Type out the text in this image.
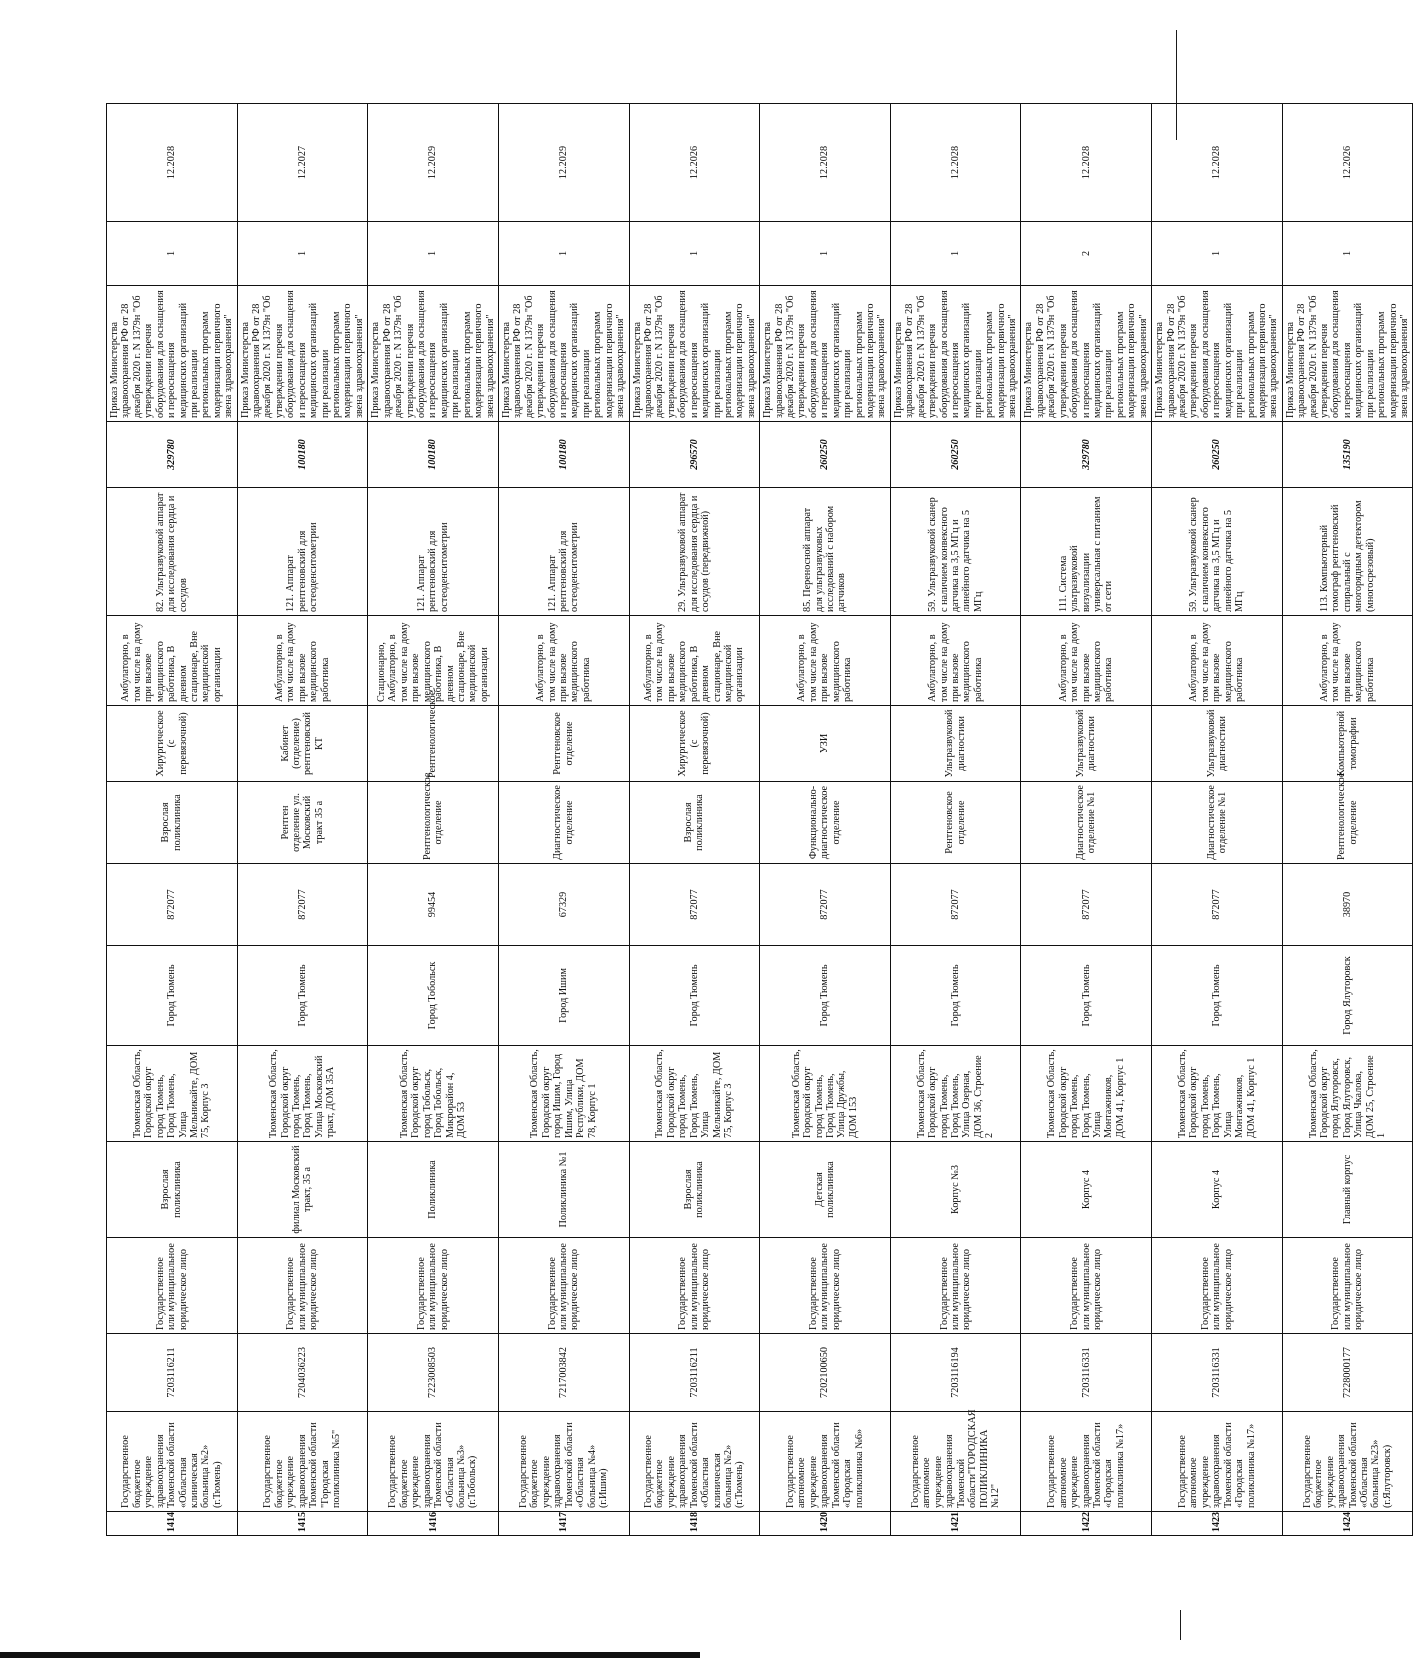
1414	Государственное бюджетное учреждение здравоохранения Тюменской области «Областная клиническая больница №2» (г.Тюмень)	7203116211	Государственное или муниципальное юридическое лицо	Взрослая поликлиника	Тюменская Область, Городской округ город Тюмень, Город Тюмень, Улица Мельникайте, ДОМ 75, Корпус 3	Город Тюмень	872077	Взрослая поликлиника	Хирургическое (с перевязочной)	Амбулаторно, в том числе на дому при вызове медицинского работника, В дневном стационаре, Вне медицинской организации	82. Ультразвуковой аппарат для исследования сердца и сосудов	329780	Приказ Министерства здравоохранения РФ от 28 декабря 2020 г. N 1379н "Об утверждении перечня оборудования для оснащения и переоснащения медицинских организаций при реализации региональных программ модернизации первичного звена здравоохранения"	1	12.2028
1415	Государственное бюджетное учреждение здравоохранения Тюменской области "Городская поликлиника №5"	7204036223	Государственное или муниципальное юридическое лицо	филиал Московский тракт, 35 а	Тюменская Область, Городской округ город Тюмень, Город Тюмень, Улица Московский тракт, ДОМ 35А	Город Тюмень	872077	Рентген отделение ул. Московский тракт 35 а	Кабинет (отделение) рентгеновской КТ	Амбулаторно, в том числе на дому при вызове медицинского работника	121. Аппарат рентгеновский для остеоденситометрии	100180	Приказ Министерства здравоохранения РФ от 28 декабря 2020 г. N 1379н "Об утверждении перечня оборудования для оснащения и переоснащения медицинских организаций при реализации региональных программ модернизации первичного звена здравоохранения"	1	12.2027
1416	Государственное бюджетное учреждение здравоохранения Тюменской области «Областная больница №3» (г.Тобольск)	7223008503	Государственное или муниципальное юридическое лицо	Поликлиника	Тюменская Область, Городской округ город Тобольск, Город Тобольск, Микрорайон 4, ДОМ 53	Город Тобольск	99454	Рентгенологическое отделение	Рентгенологическое	Стационарно, Амбулаторно, в том числе на дому при вызове медицинского работника, В дневном стационаре, Вне медицинской организации	121. Аппарат рентгеновский для остеоденситометрии	100180	Приказ Министерства здравоохранения РФ от 28 декабря 2020 г. N 1379н "Об утверждении перечня оборудования для оснащения и переоснащения медицинских организаций при реализации региональных программ модернизации первичного звена здравоохранения"	1	12.2029
1417	Государственное бюджетное учреждение здравоохранения Тюменской области «Областная больница №4» (г.Ишим)	7217003842	Государственное или муниципальное юридическое лицо	Поликлиника №1	Тюменская Область, Городской округ город Ишим, Город Ишим, Улица Республики, ДОМ 78, Корпус 1	Город Ишим	67329	Диагностическое отделение	Рентгеновское отделение	Амбулаторно, в том числе на дому при вызове медицинского работника	121. Аппарат рентгеновский для остеоденситометрии	100180	Приказ Министерства здравоохранения РФ от 28 декабря 2020 г. N 1379н "Об утверждении перечня оборудования для оснащения и переоснащения медицинских организаций при реализации региональных программ модернизации первичного звена здравоохранения"	1	12.2029
1418	Государственное бюджетное учреждение здравоохранения Тюменской области «Областная клиническая больница №2» (г.Тюмень)	7203116211	Государственное или муниципальное юридическое лицо	Взрослая поликлиника	Тюменская Область, Городской округ город Тюмень, Город Тюмень, Улица Мельникайте, ДОМ 75, Корпус 3	Город Тюмень	872077	Взрослая поликлиника	Хирургическое (с перевязочной)	Амбулаторно, в том числе на дому при вызове медицинского работника, В дневном стационаре, Вне медицинской организации	29. Ультразвуковой аппарат для исследования сердца и сосудов (передвижной)	296570	Приказ Министерства здравоохранения РФ от 28 декабря 2020 г. N 1379н "Об утверждении перечня оборудования для оснащения и переоснащения медицинских организаций при реализации региональных программ модернизации первичного звена здравоохранения"	1	12.2026
1420	Государственное автономное учреждение здравоохранения Тюменской области «Городская поликлиника №6»	7202100650	Государственное или муниципальное юридическое лицо	Детская поликлиника	Тюменская Область, Городской округ город Тюмень, Город Тюмень, Улица Дружбы, ДОМ 153	Город Тюмень	872077	Функционально-диагностическое отделение	УЗИ	Амбулаторно, в том числе на дому при вызове медицинского работника	85. Переносной аппарат для ультразвуковых исследований с набором датчиков	260250	Приказ Министерства здравоохранения РФ от 28 декабря 2020 г. N 1379н "Об утверждении перечня оборудования для оснащения и переоснащения медицинских организаций при реализации региональных программ модернизации первичного звена здравоохранения"	1	12.2028
1421	Государственное автономное учреждение здравоохранения Тюменской области"ГОРОДСКАЯ ПОЛИКЛИНИКА №12"	7203116194	Государственное или муниципальное юридическое лицо	Корпус №3	Тюменская Область, Городской округ город Тюмень, Город Тюмень, Улица Озерная, ДОМ 36, Строение 2	Город Тюмень	872077	Рентгеновское отделение	Ультразвуковой диагностики	Амбулаторно, в том числе на дому при вызове медицинского работника	59. Ультразвуковой сканер с наличием конвексного датчика на 3,5 МГц и линейного датчика на 5 МГц	260250	Приказ Министерства здравоохранения РФ от 28 декабря 2020 г. N 1379н "Об утверждении перечня оборудования для оснащения и переоснащения медицинских организаций при реализации региональных программ модернизации первичного звена здравоохранения"	1	12.2028
1422	Государственное автономное учреждение здравоохранения Тюменской области «Городская поликлиника №17»	7203116331	Государственное или муниципальное юридическое лицо	Корпус 4	Тюменская Область, Городской округ город Тюмень, Город Тюмень, Улица Монтажников, ДОМ 41, Корпус 1	Город Тюмень	872077	Диагностическое отделение №1	Ультразвуковой диагностики	Амбулаторно, в том числе на дому при вызове медицинского работника	111. Система ультразвуковой визуализации универсальная с питанием от сети	329780	Приказ Министерства здравоохранения РФ от 28 декабря 2020 г. N 1379н "Об утверждении перечня оборудования для оснащения и переоснащения медицинских организаций при реализации региональных программ модернизации первичного звена здравоохранения"	2	12.2028
1423	Государственное автономное учреждение здравоохранения Тюменской области «Городская поликлиника №17»	7203116331	Государственное или муниципальное юридическое лицо	Корпус 4	Тюменская Область, Городской округ город Тюмень, Город Тюмень, Улица Монтажников, ДОМ 41, Корпус 1	Город Тюмень	872077	Диагностическое отделение №1	Ультразвуковой диагностики	Амбулаторно, в том числе на дому при вызове медицинского работника	59. Ультразвуковой сканер с наличием конвексного датчика на 3,5 МГц и линейного датчика на 5 МГц	260250	Приказ Министерства здравоохранения РФ от 28 декабря 2020 г. N 1379н "Об утверждении перечня оборудования для оснащения и переоснащения медицинских организаций при реализации региональных программ модернизации первичного звена здравоохранения"	1	12.2028
1424	Государственное бюджетное учреждение здравоохранения Тюменской области «Областная больница №23» (г.Ялуторовск)	7228000177	Государственное или муниципальное юридическое лицо	Главный корпус	Тюменская Область, Городской округ город Ялуторовск, Город Ялуторовск, Улица Чкалова, ДОМ 25, Строение 1	Город Ялуторовск	38970	Рентгенологическое отделение	Компьютерной томографии	Амбулаторно, в том числе на дому при вызове медицинского работника	113. Компьютерный томограф рентгеновский спиральный с многорядным детектором (многосрезовый)	135190	Приказ Министерства здравоохранения РФ от 28 декабря 2020 г. N 1379н "Об утверждении перечня оборудования для оснащения и переоснащения медицинских организаций при реализации региональных программ модернизации первичного звена здравоохранения"	1	12.2026
